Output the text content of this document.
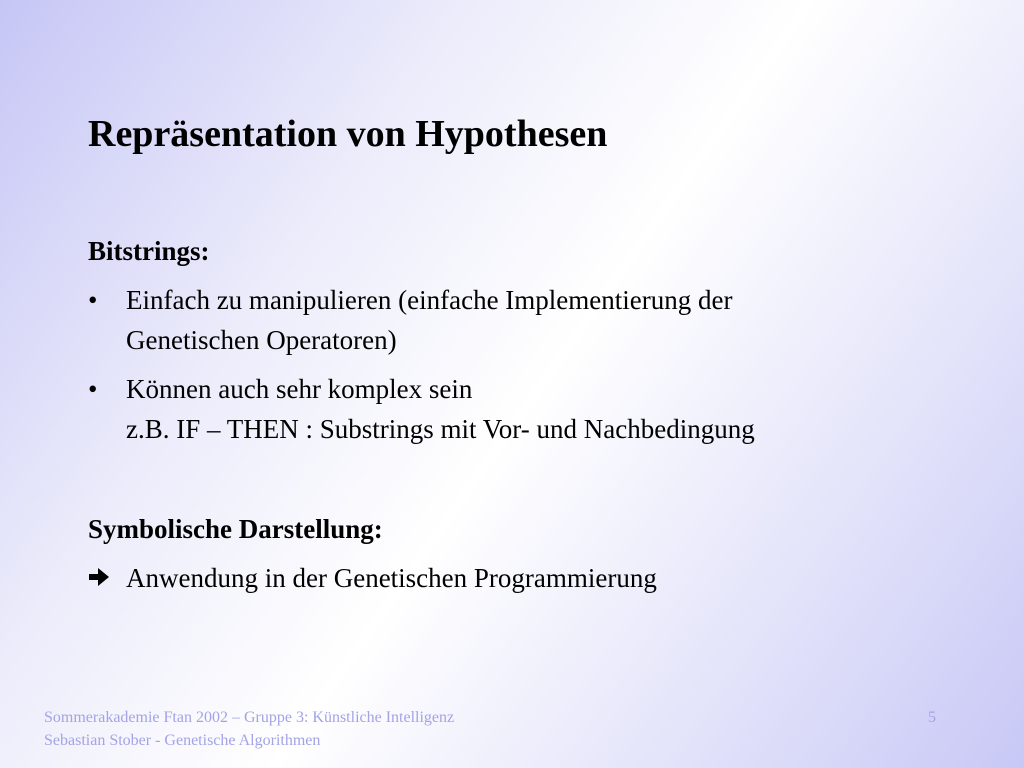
Repräsentation von Hypothesen
Bitstrings:
•	Einfach zu manipulieren (einfache Implementierung der
Genetischen Operatoren)
•	Können auch sehr komplex sein
z.B. IF – THEN : Substrings mit Vor- und Nachbedingung
Symbolische Darstellung:
Anwendung in der Genetischen Programmierung
Sommerakademie Ftan 2002 – Gruppe 3: Künstliche Intelligenz
Sebastian Stober - Genetische Algorithmen
5
